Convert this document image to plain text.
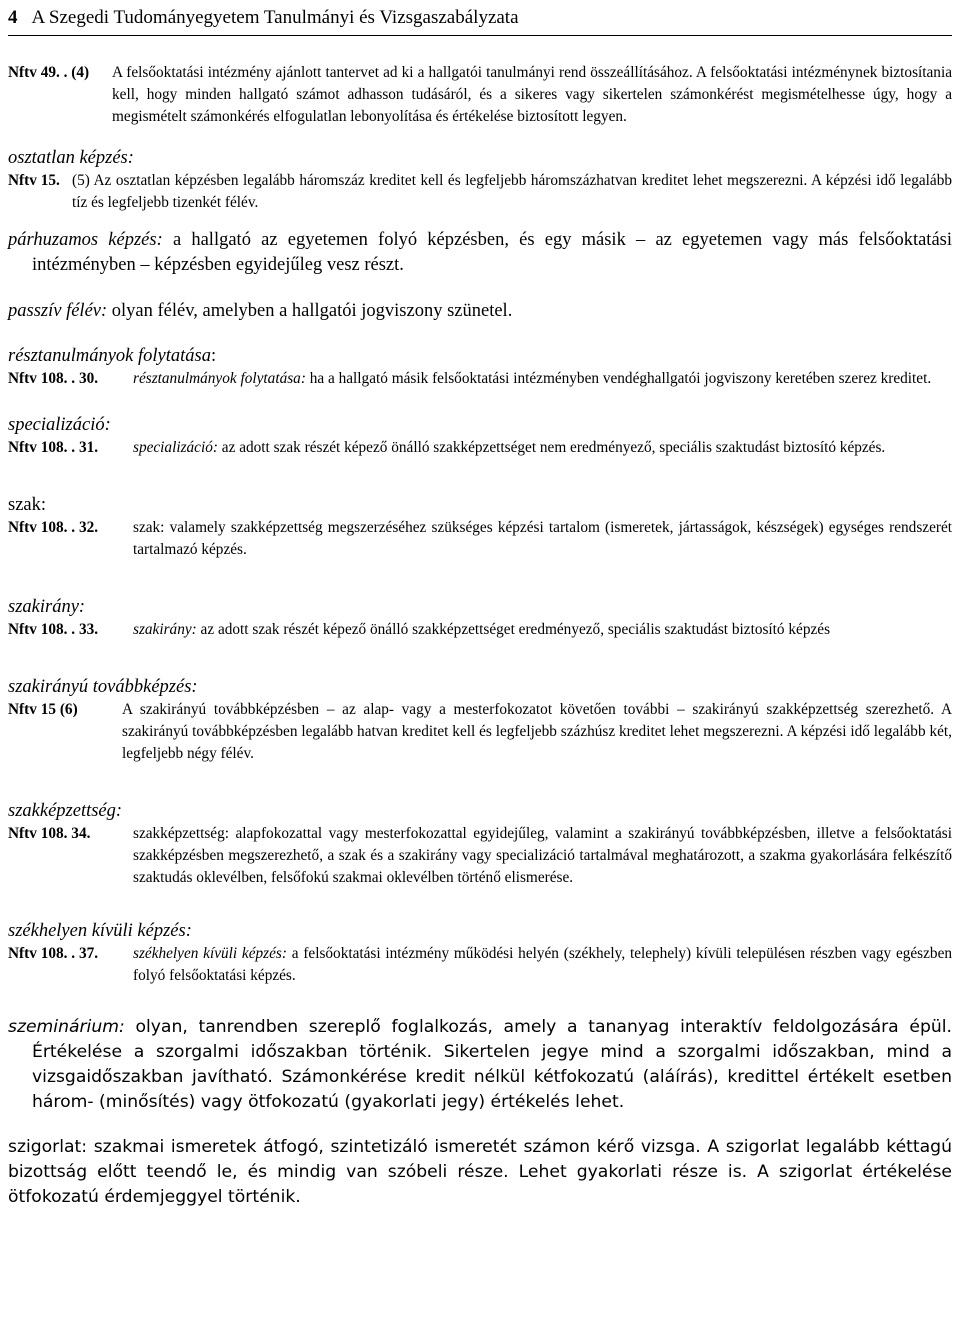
4 A Szegedi Tudományegyetem Tanulmányi és Vizsgaszabályzata
Nftv 49. . (4)	A felsőoktatási intézmény ajánlott tantervet ad ki a hallgatói tanulmányi rend összeállításához. A felsőoktatási intézménynek biztosítania kell, hogy minden hallgató számot adhasson tudásáról, és a sikeres vagy sikertelen számonkérést megismételhesse úgy, hogy a megismételt számonkérés elfogulatlan lebonyolítása és értékelése biztosított legyen.
osztatlan képzés:
Nftv 15. (5) Az osztatlan képzésben legalább háromszáz kreditet kell és legfeljebb háromszázhatvan kreditet lehet megszerezni. A képzési idő legalább tíz és legfeljebb tizenkét félév.
párhuzamos képzés: a hallgató az egyetemen folyó képzésben, és egy másik – az egyetemen vagy más felsőoktatási intézményben – képzésben egyidejűleg vesz részt.
passzív félév: olyan félév, amelyben a hallgatói jogviszony szünetel.
résztanulmányok folytatása:
Nftv 108. . 30.	résztanulmányok folytatása: ha a hallgató másik felsőoktatási intézményben vendéghallgatói jogviszony keretében szerez kreditet.
specializáció:
Nftv 108. . 31.	specializáció: az adott szak részét képező önálló szakképzettséget nem eredményező, speciális szaktudást biztosító képzés.
szak:
Nftv 108. . 32.	szak: valamely szakképzettség megszerzéséhez szükséges képzési tartalom (ismeretek, jártasságok, készségek) egységes rendszerét tartalmazó képzés.
szakirány:
Nftv 108. . 33.	szakirány: az adott szak részét képező önálló szakképzettséget eredményező, speciális szaktudást biztosító képzés
szakirányú továbbképzés:
Nftv 15 (6)	A szakirányú továbbképzésben – az alap- vagy a mesterfokozatot követően további – szakirányú szakképzettség szerezhető. A szakirányú továbbképzésben legalább hatvan kreditet kell és legfeljebb százhúsz kreditet lehet megszerezni. A képzési idő legalább két, legfeljebb négy félév.
szakképzettség:
Nftv 108. 34.	szakképzettség: alapfokozattal vagy mesterfokozattal egyidejűleg, valamint a szakirányú továbbképzésben, illetve a felsőoktatási szakképzésben megszerezhető, a szak és a szakirány vagy specializáció tartalmával meghatározott, a szakma gyakorlására felkészítő szaktudás oklevélben, felsőfokú szakmai oklevélben történő elismerése.
székhelyen kívüli képzés:
Nftv 108. . 37.	székhelyen kívüli képzés: a felsőoktatási intézmény működési helyén (székhely, telephely) kívüli településen részben vagy egészben folyó felsőoktatási képzés.
szeminárium: olyan, tanrendben szereplő foglalkozás, amely a tananyag interaktív feldolgozására épül. Értékelése a szorgalmi időszakban történik. Sikertelen jegye mind a szorgalmi időszakban, mind a vizsgaidőszakban javítható. Számonkérése kredit nélkül kétfokozatú (aláírás), kredittel értékelt esetben három- (minősítés) vagy ötfokozatú (gyakorlati jegy) értékelés lehet.
szigorlat: szakmai ismeretek átfogó, szintetizáló ismeretét számon kérő vizsga. A szigorlat legalább kéttagú bizottság előtt teendő le, és mindig van szóbeli része. Lehet gyakorlati része is. A szigorlat értékelése ötfokozatú érdemjeggyel történik.
